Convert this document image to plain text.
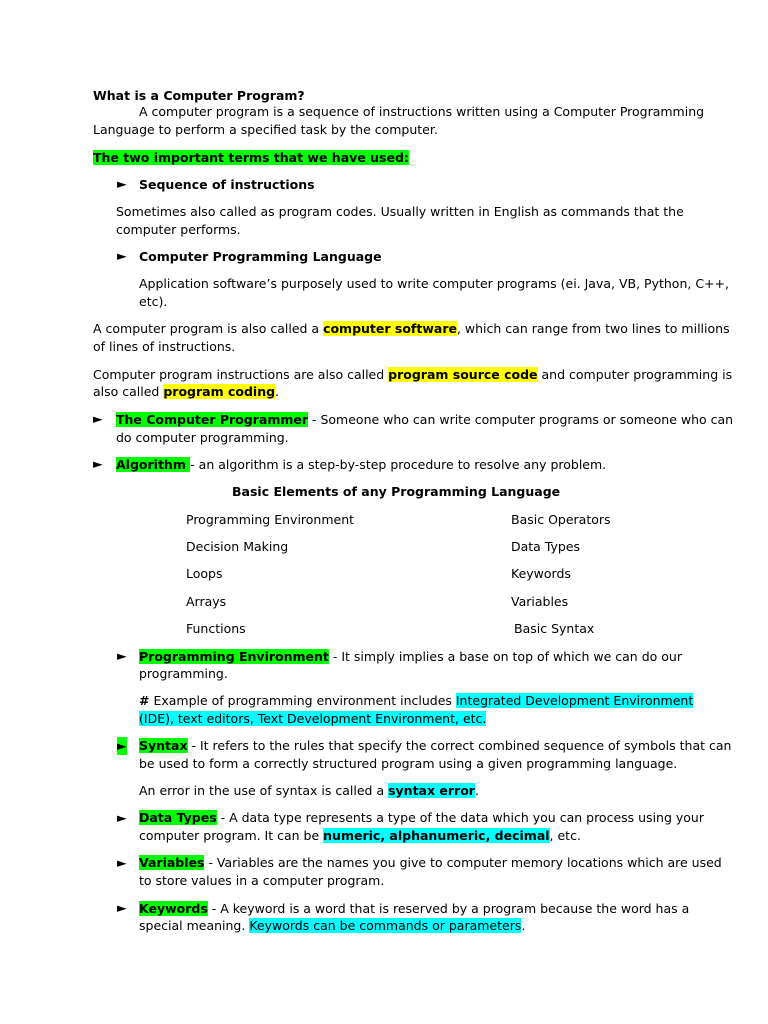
What is a Computer Program?
A computer program is a sequence of instructions written using a Computer Programming
Language to perform a specified task by the computer.
The two important terms that we have used:
► Sequence of instructions
Sometimes also called as program codes. Usually written in English as commands that the
computer performs.
► Computer Programming Language
Application software’s purposely used to write computer programs (ei. Java, VB, Python, C++,
etc).
A computer program is also called a computer software, which can range from two lines to millions
of lines of instructions.
Computer program instructions are also called program source code and computer programming is
also called program coding.
► The Computer Programmer - Someone who can write computer programs or someone who can
do computer programming.
► Algorithm - an algorithm is a step-by-step procedure to resolve any problem.
Basic Elements of any Programming Language
Programming Environment
Decision Making
Loops
Arrays
Functions
Basic Operators
Data Types
Keywords
Variables
Basic Syntax
► Programming Environment - It simply implies a base on top of which we can do our
programming.
# Example of programming environment includes Integrated Development Environment
(IDE), text editors, Text Development Environment, etc.
► Syntax - It refers to the rules that specify the correct combined sequence of symbols that can
be used to form a correctly structured program using a given programming language.
An error in the use of syntax is called a syntax error.
► Data Types - A data type represents a type of the data which you can process using your
computer program. It can be numeric, alphanumeric, decimal, etc.
► Variables - Variables are the names you give to computer memory locations which are used
to store values in a computer program.
► Keywords - A keyword is a word that is reserved by a program because the word has a
special meaning. Keywords can be commands or parameters.
